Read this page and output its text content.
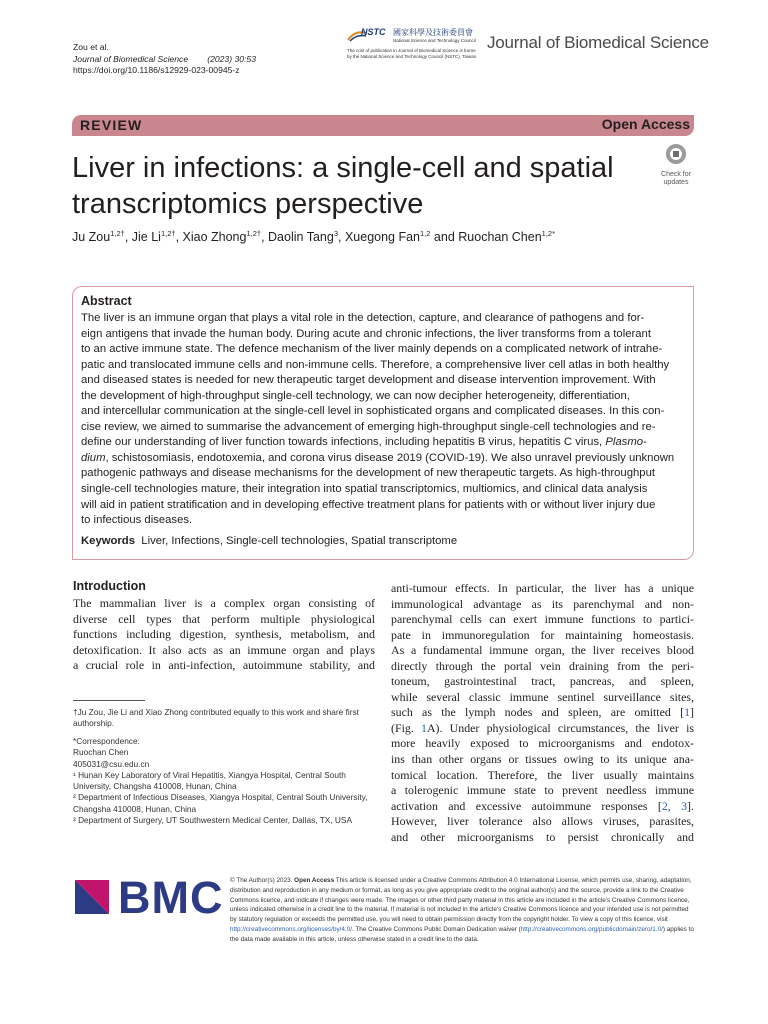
Zou et al.
Journal of Biomedical Science (2023) 30:53
https://doi.org/10.1186/s12929-023-00945-z
NSTC 國家科學及技術委員會
National Science and Technology Council
The cost of publication in Journal of Biomedical Science is borne
by the National Science and Technology Council (NSTC), Taiwan.
Journal of Biomedical Science
REVIEW	Open Access
Liver in infections: a single-cell and spatial transcriptomics perspective
Check for updates
Ju Zou$^{1,2\dagger}$, Jie $Li^{1,2\dagger}$, Xiao Zhong$^{1,2\dagger}$, Daolin Tang$^3$, Xuegong Fan$^{1,2}$ and Ruochan Chen$^{1,2*}$
Abstract
The liver is an immune organ that plays a vital role in the detection, capture, and clearance of pathogens and for-
eign antigens that invade the human body. During acute and chronic infections, the liver transforms from a tolerant
to an active immune state. The defence mechanism of the liver mainly depends on a complicated network of intrahe-
patic and translocated immune cells and non-immune cells. Therefore, a comprehensive liver cell atlas in both healthy
and diseased states is needed for new therapeutic target development and disease intervention improvement. With
the development of high-throughput single-cell technology, we can now decipher heterogeneity, differentiation,
and intercellular communication at the single-cell level in sophisticated organs and complicated diseases. In this con-
cise review, we aimed to summarise the advancement of emerging high-throughput single-cell technologies and re-
define our understanding of liver function towards infections, including hepatitis B virus, hepatitis C virus, Plasmo-
dium, schistosomiasis, endotoxemia, and corona virus disease 2019 (COVID-19). We also unravel previously unknown
pathogenic pathways and disease mechanisms for the development of new therapeutic targets. As high-throughput
single-cell technologies mature, their integration into spatial transcriptomics, multiomics, and clinical data analysis
will aid in patient stratification and in developing effective treatment plans for patients with or without liver injury due
to infectious diseases.
Keywords Liver, Infections, Single-cell technologies, Spatial transcriptome
Introduction
The mammalian liver is a complex organ consisting of
diverse cell types that perform multiple physiological
functions including digestion, synthesis, metabolism, and
detoxification. It also acts as an immune organ and plays
a crucial role in anti-infection, autoimmune stability, and
anti-tumour effects. In particular, the liver has a unique
immunological advantage as its parenchymal and non-
parenchymal cells can exert immune functions to partici-
pate in immunoregulation for maintaining homeostasis.
As a fundamental immune organ, the liver receives blood
directly through the portal vein draining from the peri-
toneum, gastrointestinal tract, pancreas, and spleen,
while several classic immune sentinel surveillance sites,
such as the lymph nodes and spleen, are omitted [1]
(Fig. 1A). Under physiological circumstances, the liver is
more heavily exposed to microorganisms and endotox-
ins than other organs or tissues owing to its unique ana-
tomical location. Therefore, the liver usually maintains
a tolerogenic immune state to prevent needless immune
activation and excessive autoimmune responses [2, 3].
However, liver tolerance also allows viruses, parasites,
and other microorganisms to persist chronically and
†Ju Zou, Jie Li and Xiao Zhong contributed equally to this work and share first authorship.
*Correspondence:
Ruochan Chen
405031@csu.edu.cn
¹ Hunan Key Laboratory of Viral Hepatitis, Xiangya Hospital, Central South University, Changsha 410008, Hunan, China
² Department of Infectious Diseases, Xiangya Hospital, Central South University, Changsha 410008, Hunan, China
³ Department of Surgery, UT Southwestern Medical Center, Dallas, TX, USA
BMC © The Author(s) 2023. Open Access This article is licensed under a Creative Commons Attribution 4.0 International License, which permits use, sharing, adaptation, distribution and reproduction in any medium or format, as long as you give appropriate credit to the original author(s) and the source, provide a link to the Creative Commons licence, and indicate if changes were made. The images or other third party material in this article are included in the article's Creative Commons licence, unless indicated otherwise in a credit line to the material. If material is not included in the article's Creative Commons licence and your intended use is not permitted by statutory regulation or exceeds the permitted use, you will need to obtain permission directly from the copyright holder. To view a copy of this licence, visit http://creativecommons.org/licenses/by/4.0/. The Creative Commons Public Domain Dedication waiver (http://creativecommons.org/publicdomain/zero/1.0/) applies to the data made available in this article, unless otherwise stated in a credit line to the data.
